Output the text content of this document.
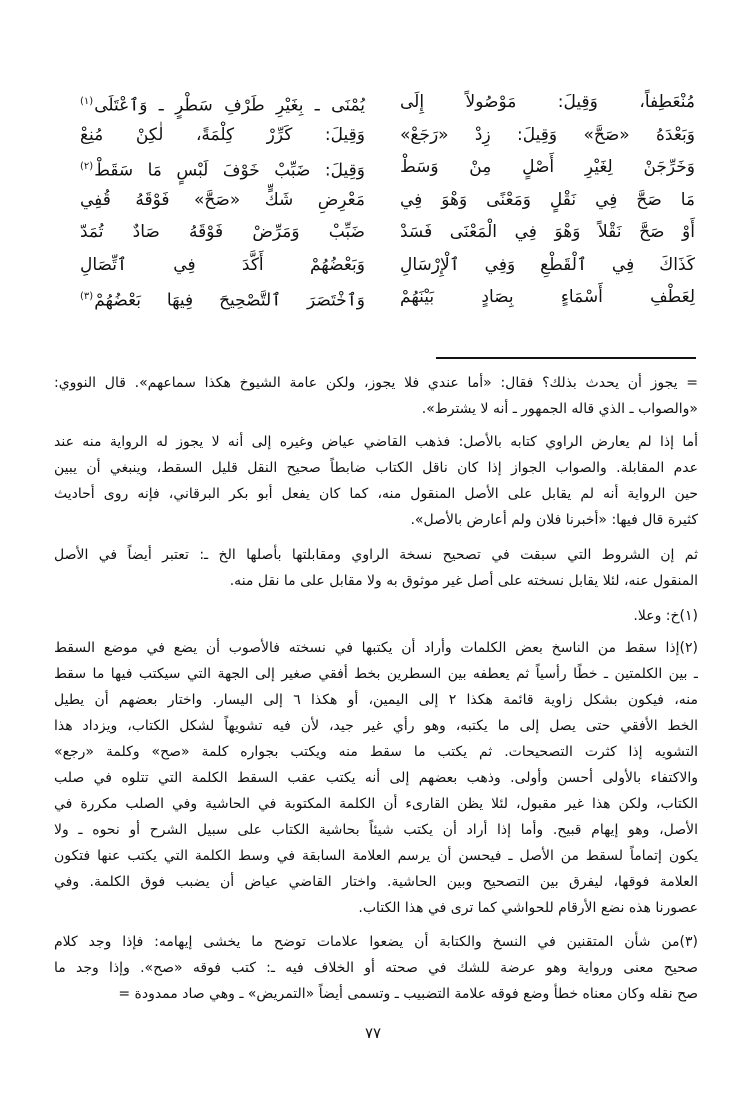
مُنْعَطِفاً، وَقِيلَ: مَوْصُولاً إِلَى
يُمْنَى ـ بِغَيْرِ طَرْفِ سَطْرٍ ـ وَٱعْتَلَى$^{(١)}$
وَبَعْدَهُ «صَحَّ» وَقِيلَ: زِدْ «رَجَعْ»
وَقِيلَ: كَرِّرْ كِلْمَةً، لٰكِنْ مُنِعْ
وَخَرِّجَنْ لِغَيْرِ أَصْلٍ مِنْ وَسَطْ
وَقِيلَ: ضَبِّبْ خَوْفَ لَبْسٍ مَا سَقَطْ$^{(٢)}$
مَا صَحَّ فِي نَقْلٍ وَمَعْنًى وَهْوَ فِي
مَعْرِضِ شَكٍّ «صَحَّ» فَوْقَهُ قُفِي
أَوْ صَحَّ نَقْلاً وَهْوَ فِي الْمَعْنَى فَسَدْ
ضَبِّبْ وَمَرِّضْ فَوْقَهُ صَادٌ تُمَدّ
كَذَاكَ فِي ٱلْقَطْعِ وَفِي ٱلْإِرْسَالِ
وَبَعْضُهُمْ أَكَّدَ فِي ٱتِّصَالِ
لِعَطْفِ أَسْمَاءٍ بِصَادٍ بَيْنَهُمْ
وَٱخْتَصَرَ ٱلتَّصْحِيحَ فِيهَا بَعْضُهُمْ$^{(٣)}$
= يجوز أن يحدث بذلك؟ فقال: «أما عندي فلا يجوز، ولكن عامة الشيوخ هكذا سماعهم». قال النووي:
«والصواب ـ الذي قاله الجمهور ـ أنه لا يشترط».
أما إذا لم يعارض الراوي كتابه بالأصل: فذهب القاضي عياض وغيره إلى أنه لا يجوز له الرواية منه عند
عدم المقابلة. والصواب الجواز إذا كان ناقل الكتاب ضابطاً صحيح النقل قليل السقط، وينبغي أن يبين
حين الرواية أنه لم يقابل على الأصل المنقول منه، كما كان يفعل أبو بكر البرقاني، فإنه روى أحاديث
كثيرة قال فيها: «أخبرنا فلان ولم أعارض بالأصل».
ثم إن الشروط التي سبقت في تصحيح نسخة الراوي ومقابلتها بأصلها الخ ـ: تعتبر أيضاً في الأصل
المنقول عنه، لئلا يقابل نسخته على أصل غير موثوق به ولا مقابل على ما نقل منه.
(١)خ: وعلا.
(٢)إذا سقط من الناسخ بعض الكلمات وأراد أن يكتبها في نسخته فالأصوب أن يضع في موضع السقط
ـ بين الكلمتين ـ خطًا رأسياً ثم يعطفه بين السطرين بخط أفقي صغير إلى الجهة التي سيكتب فيها ما سقط
منه، فيكون بشكل زاوية قائمة هكذا ٢ إلى اليمين، أو هكذا ٦ إلى اليسار. واختار بعضهم أن يطيل
الخط الأفقي حتى يصل إلى ما يكتبه، وهو رأي غير جيد، لأن فيه تشويهاً لشكل الكتاب، ويزداد هذا
التشويه إذا كثرت التصحيحات. ثم يكتب ما سقط منه ويكتب بجواره كلمة «صح» وكلمة «رجع»
والاكتفاء بالأولى أحسن وأولى. وذهب بعضهم إلى أنه يكتب عقب السقط الكلمة التي تتلوه في صلب
الكتاب، ولكن هذا غير مقبول، لئلا يظن القارىء أن الكلمة المكتوبة في الحاشية وفي الصلب مكررة في
الأصل، وهو إيهام قبيح. وأما إذا أراد أن يكتب شيئاً بحاشية الكتاب على سبيل الشرح أو نحوه ـ ولا
يكون إتماماً لسقط من الأصل ـ فيحسن أن يرسم العلامة السابقة في وسط الكلمة التي يكتب عنها فتكون
العلامة فوقها، ليفرق بين التصحيح وبين الحاشية. واختار القاضي عياض أن يضبب فوق الكلمة. وفي
عصورنا هذه نضع الأرقام للحواشي كما ترى في هذا الكتاب.
(٣)من شأن المتقنين في النسخ والكتابة أن يضعوا علامات توضح ما يخشى إيهامه: فإذا وجد كلام
صحيح معنى ورواية وهو عرضة للشك في صحته أو الخلاف فيه ـ: كتب فوقه «صح». وإذا وجد ما
صح نقله وكان معناه خطأ وضع فوقه علامة التضبيب ـ وتسمى أيضاً «التمريض» ـ وهي صاد ممدودة =
٧٧
